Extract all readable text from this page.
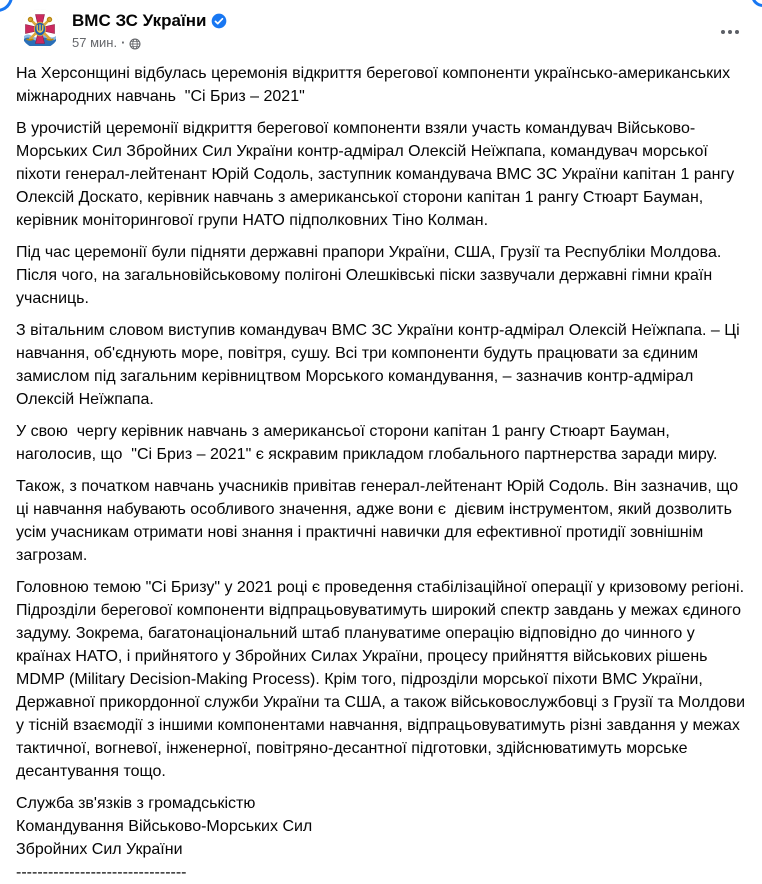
ВМС ЗС України
57 мин. ·

На Херсонщині відбулась церемонія відкриття берегової компоненти українсько-американських міжнародних навчань  "Сі Бриз – 2021"

В урочистій церемонії відкриття берегової компоненти взяли участь командувач Військово-Морських Сил Збройних Сил України контр-адмірал Олексій Неїжпапа, командувач морської піхоти генерал-лейтенант Юрій Содоль, заступник командувача ВМС ЗС України капітан 1 рангу Олексій Доскато, керівник навчань з американської сторони капітан 1 рангу Стюарт Бауман, керівник моніторингової групи НАТО підполковних Тіно Колман.

Під час церемонії були підняти державні прапори України, США, Грузії та Республіки Молдова. Після чого, на загальновійськовому полігоні Олешківські піски зазвучали державні гімни країн учасниць.

З вітальним словом виступив командувач ВМС ЗС України контр-адмірал Олексій Неїжпапа. – Ці навчання, об'єднують море, повітря, сушу. Всі три компоненти будуть працювати за єдиним замислом під загальним керівництвом Морського командування, – зазначив контр-адмірал Олексій Неїжпапа.

У свою  чергу керівник навчань з американсьої сторони капітан 1 рангу Стюарт Бауман, наголосив, що  "Сі Бриз – 2021" є яскравим прикладом глобального партнерства заради миру.

Також, з початком навчань учасників привітав генерал-лейтенант Юрій Содоль. Він зазначив, що ці навчання набувають особливого значення, адже вони є  дієвим інструментом, який дозволить усім учасникам отримати нові знання і практичні навички для ефективної протидії зовнішнім загрозам.

Головною темою "Сі Бризу" у 2021 році є проведення стабілізаційної операції у кризовому регіоні. Підрозділи берегової компоненти відпрацьовуватимуть широкий спектр завдань у межах єдиного задуму. Зокрема, багатонаціональний штаб плануватиме операцію відповідно до чинного у країнах НАТО, і прийнятого у Збройних Силах України, процесу прийняття військових рішень MDMP (Military Decision-Making Process). Крім того, підрозділи морської піхоти ВМС України, Державної прикордонної служби України та США, а також військовослужбовці з Грузії та Молдови у тісній взаємодії з іншими компонентами навчання, відпрацьовуватимуть різні завдання у межах тактичної, вогневої, інженерної, повітряно-десантної підготовки, здійснюватимуть морське десантування тощо.

Служба зв'язків з громадськістю
Командування Військово-Морських Сил
Збройних Сил України
--------------------------------
